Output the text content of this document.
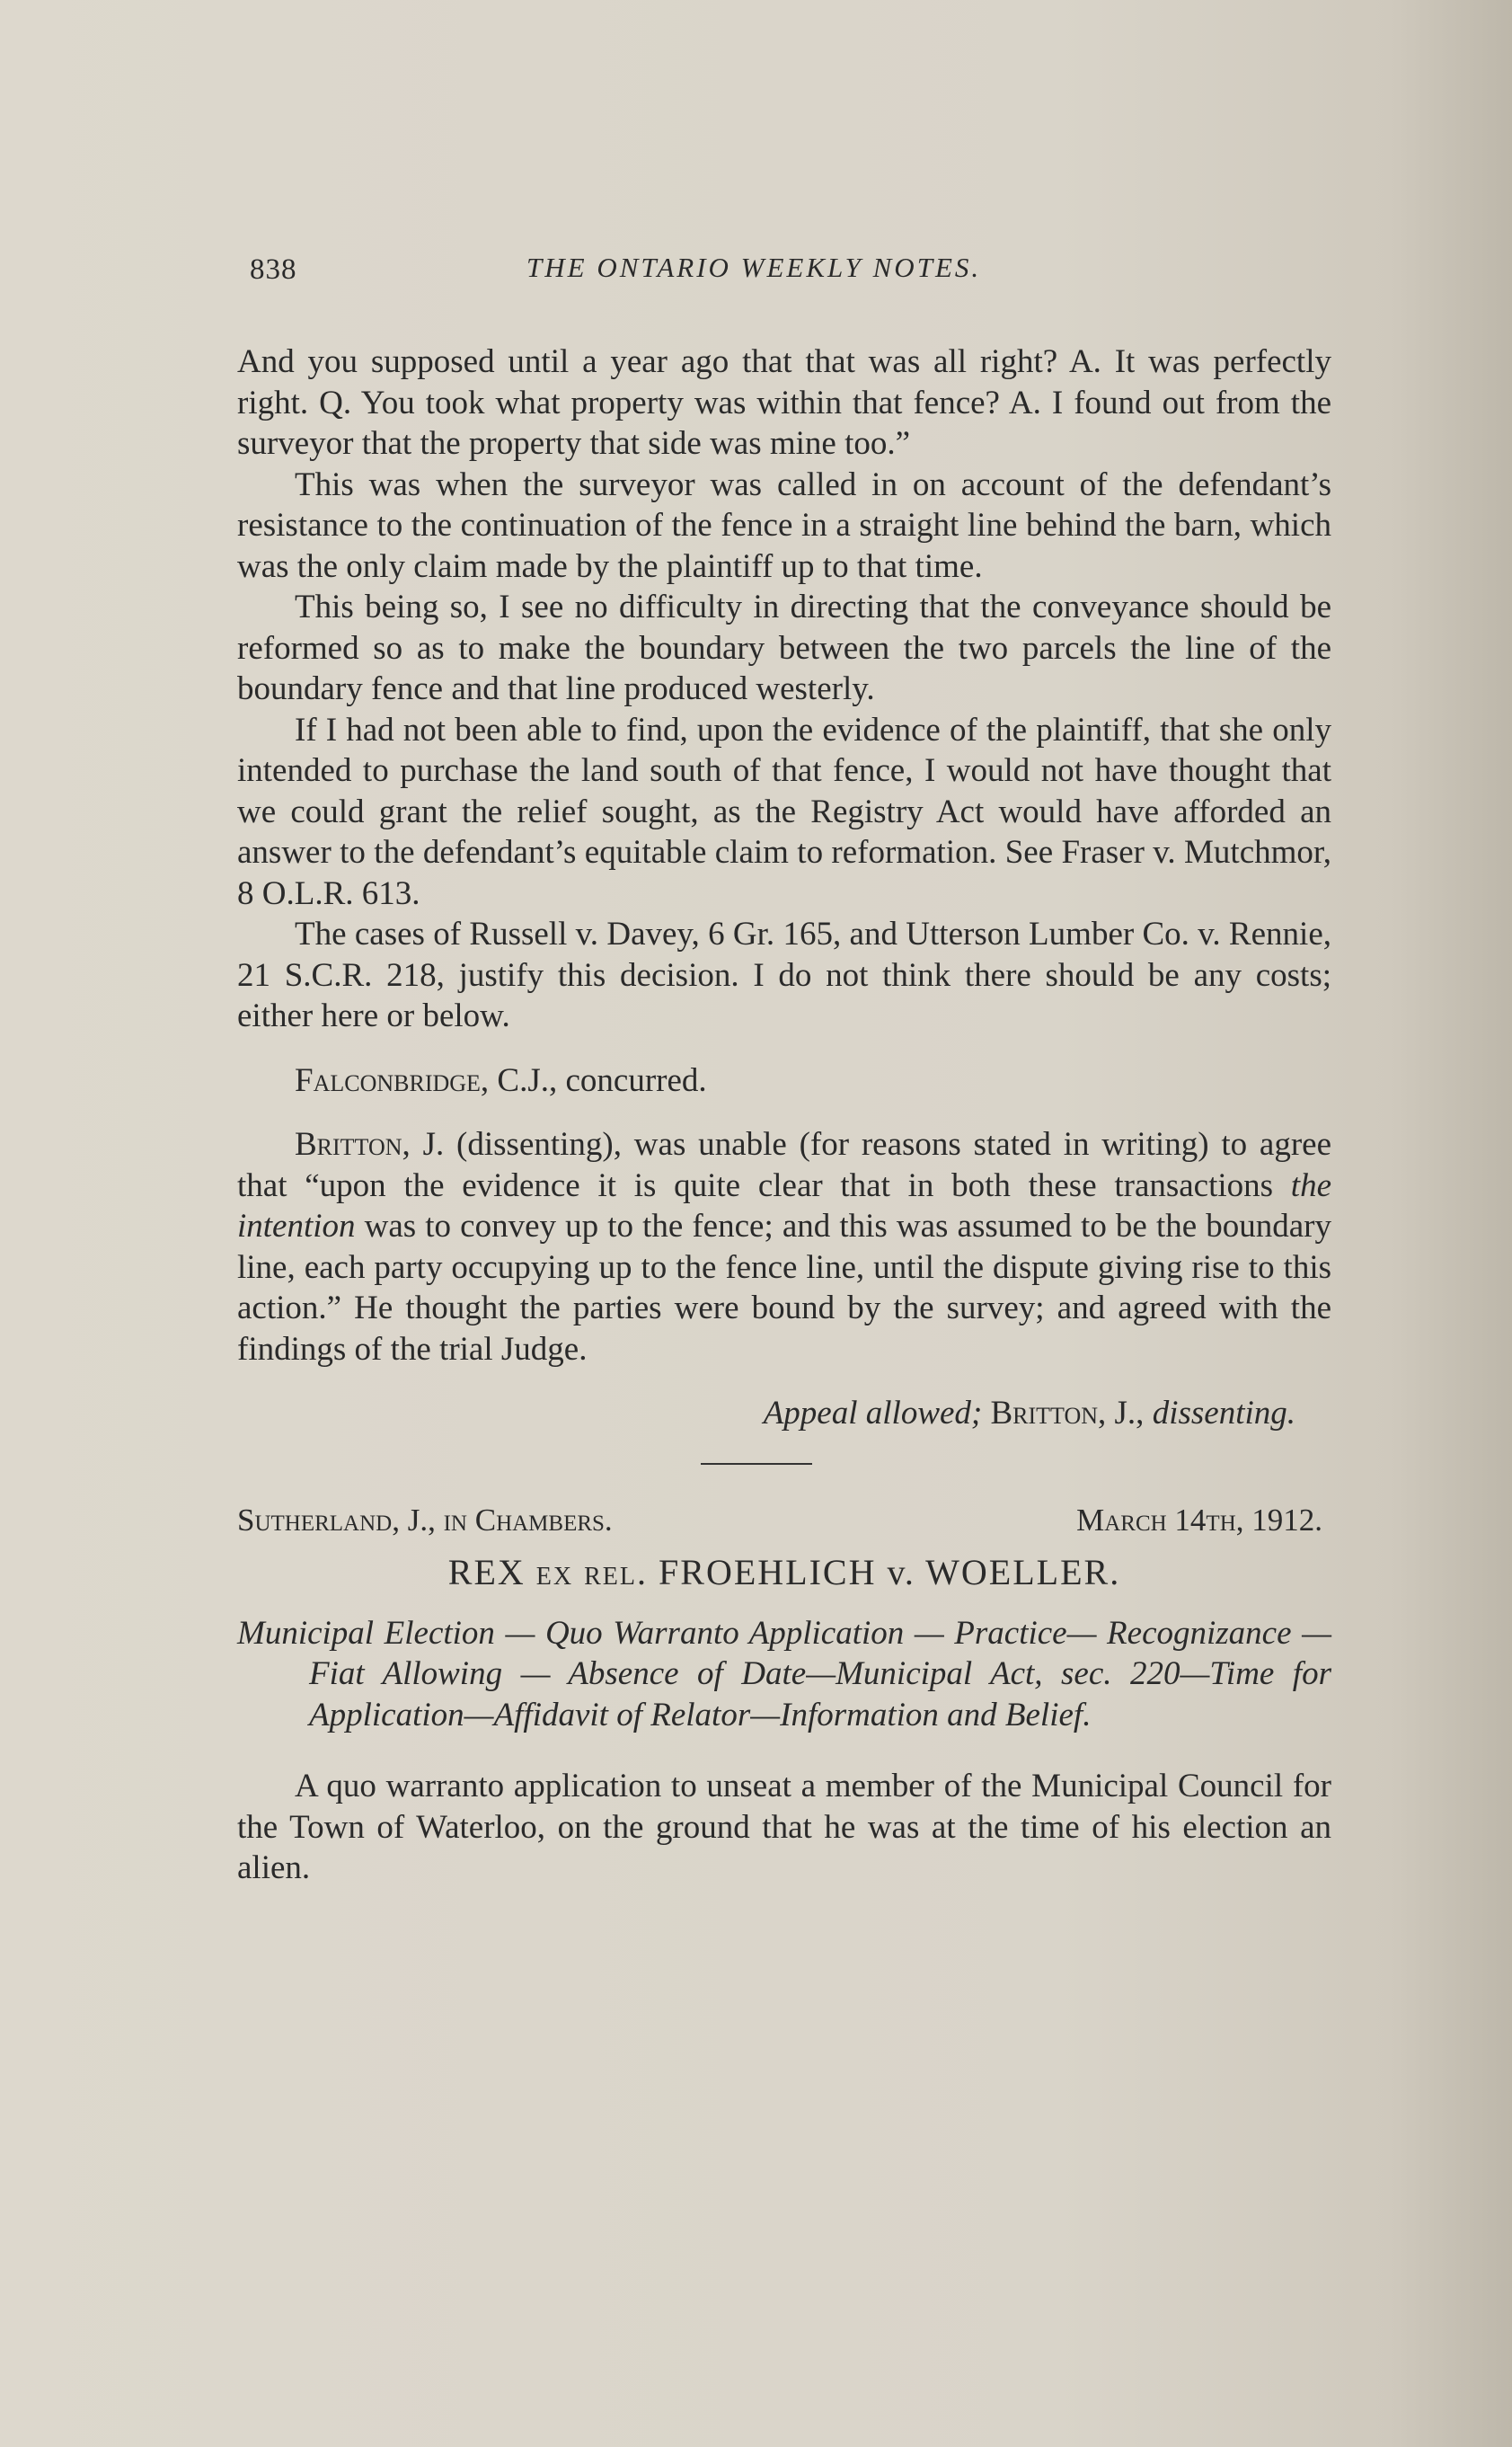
838	THE ONTARIO WEEKLY NOTES.

And you supposed until a year ago that that was all right? A. It was perfectly right. Q. You took what property was within that fence? A. I found out from the surveyor that the property that side was mine too.”

This was when the surveyor was called in on account of the defendant’s resistance to the continuation of the fence in a straight line behind the barn, which was the only claim made by the plaintiff up to that time.

This being so, I see no difficulty in directing that the conveyance should be reformed so as to make the boundary between the two parcels the line of the boundary fence and that line produced westerly.

If I had not been able to find, upon the evidence of the plaintiff, that she only intended to purchase the land south of that fence, I would not have thought that we could grant the relief sought, as the Registry Act would have afforded an answer to the defendant’s equitable claim to reformation. See Fraser v. Mutchmor, 8 O.L.R. 613.

The cases of Russell v. Davey, 6 Gr. 165, and Utterson Lumber Co. v. Rennie, 21 S.C.R. 218, justify this decision. I do not think there should be any costs; either here or below.

Falconbridge, C.J., concurred.

Britton, J. (dissenting), was unable (for reasons stated in writing) to agree that “upon the evidence it is quite clear that in both these transactions the intention was to convey up to the fence; and this was assumed to be the boundary line, each party occupying up to the fence line, until the dispute giving rise to this action.” He thought the parties were bound by the survey; and agreed with the findings of the trial Judge.

Appeal allowed; Britton, J., dissenting.

Sutherland, J., in Chambers.	March 14th, 1912.
REX ex rel. FROEHLICH v. WOELLER.

Municipal Election — Quo Warranto Application — Practice— Recognizance — Fiat Allowing — Absence of Date—Municipal Act, sec. 220—Time for Application—Affidavit of Relator—Information and Belief.

A quo warranto application to unseat a member of the Municipal Council for the Town of Waterloo, on the ground that he was at the time of his election an alien.
